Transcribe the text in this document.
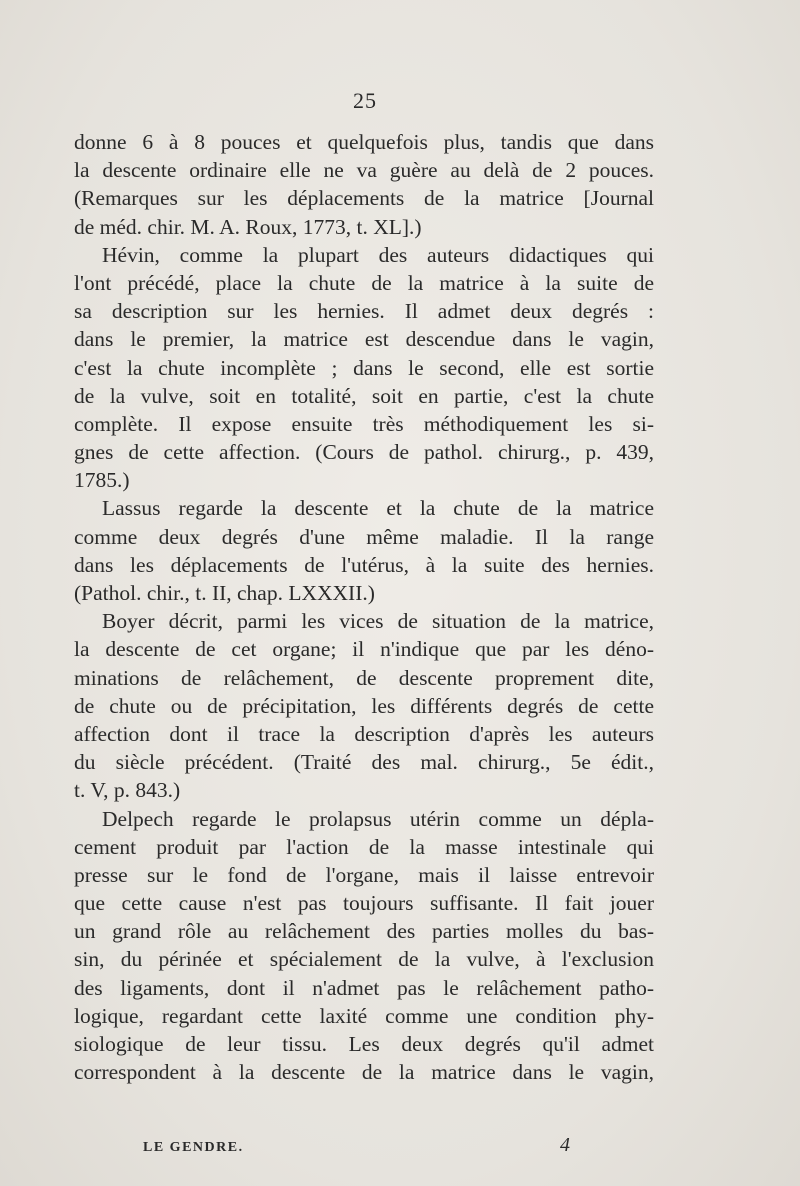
25
donne 6 à 8 pouces et quelquefois plus, tandis que dans
la descente ordinaire elle ne va guère au delà de 2 pouces.
(Remarques sur les déplacements de la matrice [Journal
de méd. chir. M. A. Roux, 1773, t. XL].)
Hévin, comme la plupart des auteurs didactiques qui
l'ont précédé, place la chute de la matrice à la suite de
sa description sur les hernies. Il admet deux degrés :
dans le premier, la matrice est descendue dans le vagin,
c'est la chute incomplète ; dans le second, elle est sortie
de la vulve, soit en totalité, soit en partie, c'est la chute
complète. Il expose ensuite très méthodiquement les si-
gnes de cette affection. (Cours de pathol. chirurg., p. 439,
1785.)
Lassus regarde la descente et la chute de la matrice
comme deux degrés d'une même maladie. Il la range
dans les déplacements de l'utérus, à la suite des hernies.
(Pathol. chir., t. II, chap. LXXXII.)
Boyer décrit, parmi les vices de situation de la matrice,
la descente de cet organe; il n'indique que par les déno-
minations de relâchement, de descente proprement dite,
de chute ou de précipitation, les différents degrés de cette
affection dont il trace la description d'après les auteurs
du siècle précédent. (Traité des mal. chirurg., 5e édit.,
t. V, p. 843.)
Delpech regarde le prolapsus utérin comme un dépla-
cement produit par l'action de la masse intestinale qui
presse sur le fond de l'organe, mais il laisse entrevoir
que cette cause n'est pas toujours suffisante. Il fait jouer
un grand rôle au relâchement des parties molles du bas-
sin, du périnée et spécialement de la vulve, à l'exclusion
des ligaments, dont il n'admet pas le relâchement patho-
logique, regardant cette laxité comme une condition phy-
siologique de leur tissu. Les deux degrés qu'il admet
correspondent à la descente de la matrice dans le vagin,
LE GENDRE.	4
